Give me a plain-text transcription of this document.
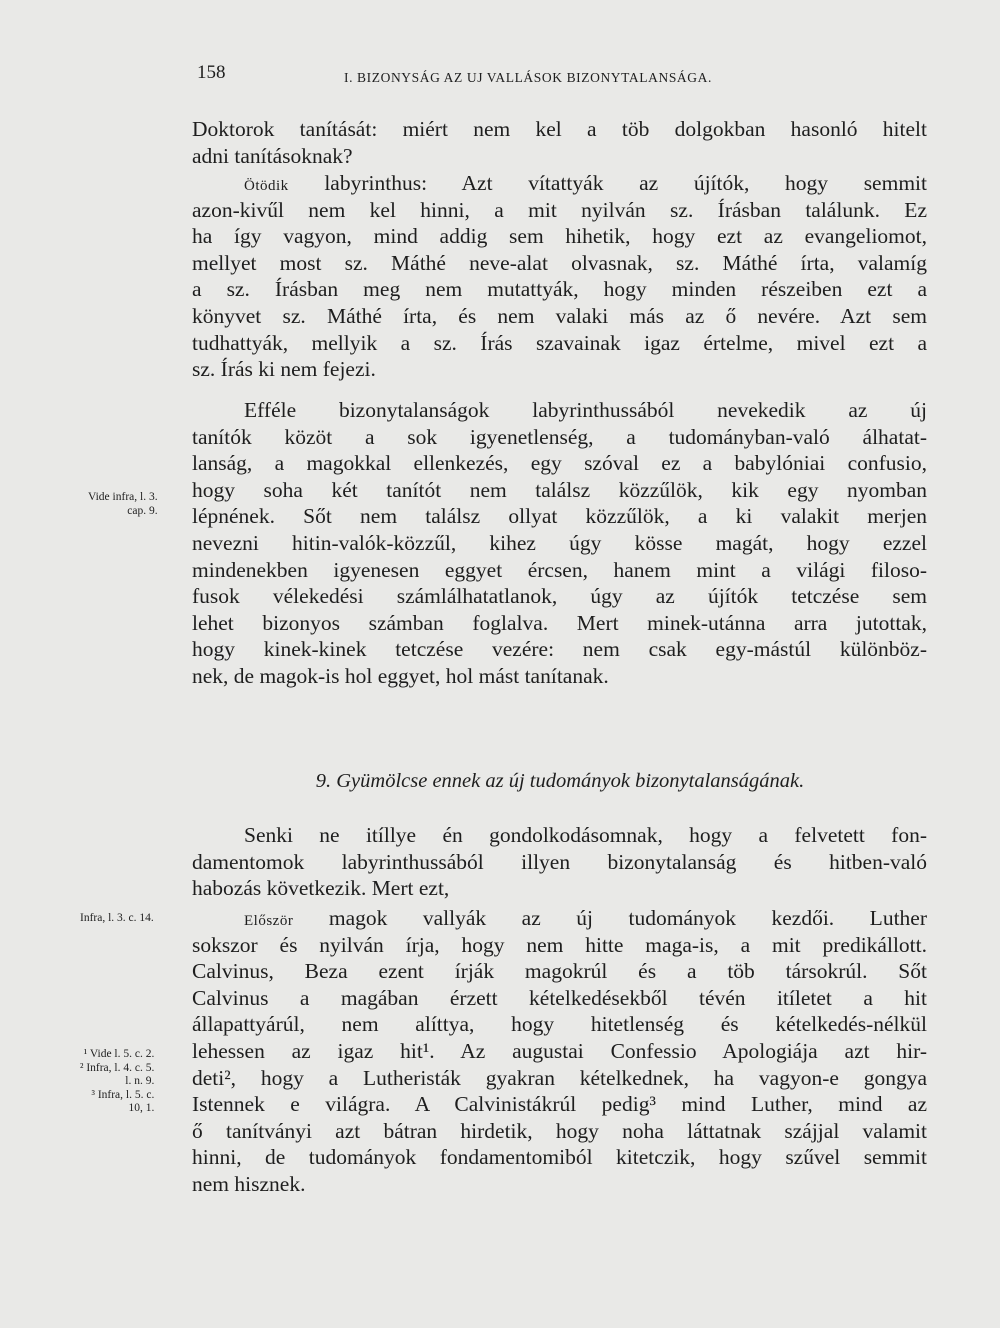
158	I. BIZONYSÁG AZ UJ VALLÁSOK BIZONYTALANSÁGA.
Doktorok tanítását: miért nem kel a töb dolgokban hasonló hitelt
adni tanításoknak?
Ötödik labyrinthus: Azt vítattyák az újítók, hogy semmit
azon-kivűl nem kel hinni, a mit nyilván sz. Írásban találunk. Ez
ha így vagyon, mind addig sem hihetik, hogy ezt az evangeliomot,
mellyet most sz. Máthé neve-alat olvasnak, sz. Máthé írta, valamíg
a sz. Írásban meg nem mutattyák, hogy minden részeiben ezt a
könyvet sz. Máthé írta, és nem valaki más az ő nevére. Azt sem
tudhattyák, mellyik a sz. Írás szavainak igaz értelme, mivel ezt a
sz. Írás ki nem fejezi.
Efféle bizonytalanságok labyrinthussából nevekedik az új
tanítók közöt a sok igyenetlenség, a tudományban-való álhatat-
lanság, a magokkal ellenkezés, egy szóval ez a babylóniai confusio,
hogy soha két tanítót nem találsz közzűlök, kik egy nyomban
lépnének. Sőt nem találsz ollyat közzűlök, a ki valakit merjen
nevezni hitin-valók-közzűl, kihez úgy kösse magát, hogy ezzel
mindenekben igyenesen eggyet ércsen, hanem mint a világi filoso-
fusok vélekedési számlálhatatlanok, úgy az újítók tetczése sem
lehet bizonyos számban foglalva. Mert minek-utánna arra jutottak,
hogy kinek-kinek tetczése vezére: nem csak egy-mástúl különböz-
nek, de magok-is hol eggyet, hol mást tanítanak.
9. Gyümölcse ennek az új tudományok bizonytalanságának.
Senki ne itíllye én gondolkodásomnak, hogy a felvetett fon-
damentomok labyrinthussából illyen bizonytalanság és hitben-való
habozás következik. Mert ezt,
Először magok vallyák az új tudományok kezdői. Luther
sokszor és nyilván írja, hogy nem hitte maga-is, a mit predikállott.
Calvinus, Beza ezent írják magokrúl és a töb társokrúl. Sőt
Calvinus a magában érzett kételkedésekből tévén itíletet a hit
állapattyárúl, nem alíttya, hogy hitetlenség és kételkedés-nélkül
lehessen az igaz hit¹. Az augustai Confessio Apologiája azt hir-
deti², hogy a Lutheristák gyakran kételkednek, ha vagyon-e gongya
Istennek e világra. A Calvinistákrúl pedig³ mind Luther, mind az
ő tanítványi azt bátran hirdetik, hogy noha láttatnak szájjal valamit
hinni, de tudományok fondamentomiból kitetczik, hogy szűvel semmit
nem hisznek.
Vide infra, l. 3.
cap. 9.
Infra, l. 3. c. 14.
¹ Vide l. 5. c. 2.
² Infra, l. 4. c. 5.
l. n. 9.
³ Infra, l. 5. c.
10, 1.
